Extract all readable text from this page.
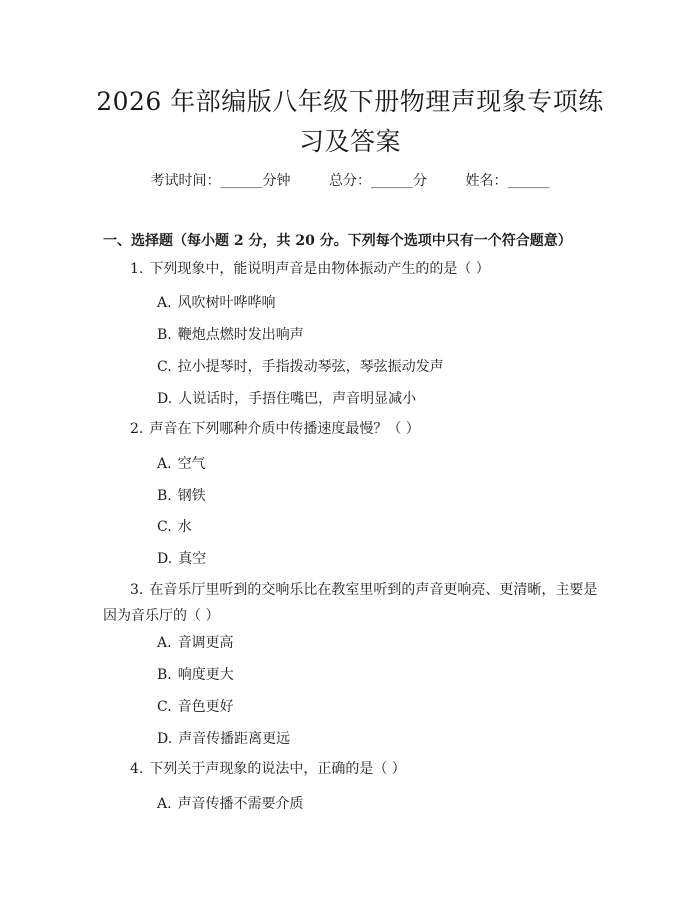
2026 年部编版八年级下册物理声现象专项练习及答案
考试时间：______分钟	总分：______分	姓名：______
一、选择题（每小题 2 分，共 20 分。下列每个选项中只有一个符合题意）
1. 下列现象中，能说明声音是由物体振动产生的的是（ ）
A. 风吹树叶哗哗响
B. 鞭炮点燃时发出响声
C. 拉小提琴时，手指拨动琴弦，琴弦振动发声
D. 人说话时，手捂住嘴巴，声音明显减小
2. 声音在下列哪种介质中传播速度最慢？（ ）
A. 空气
B. 钢铁
C. 水
D. 真空
3. 在音乐厅里听到的交响乐比在教室里听到的声音更响亮、更清晰，主要是因为音乐厅的（ ）
A. 音调更高
B. 响度更大
C. 音色更好
D. 声音传播距离更远
4. 下列关于声现象的说法中，正确的是（ ）
A. 声音传播不需要介质
